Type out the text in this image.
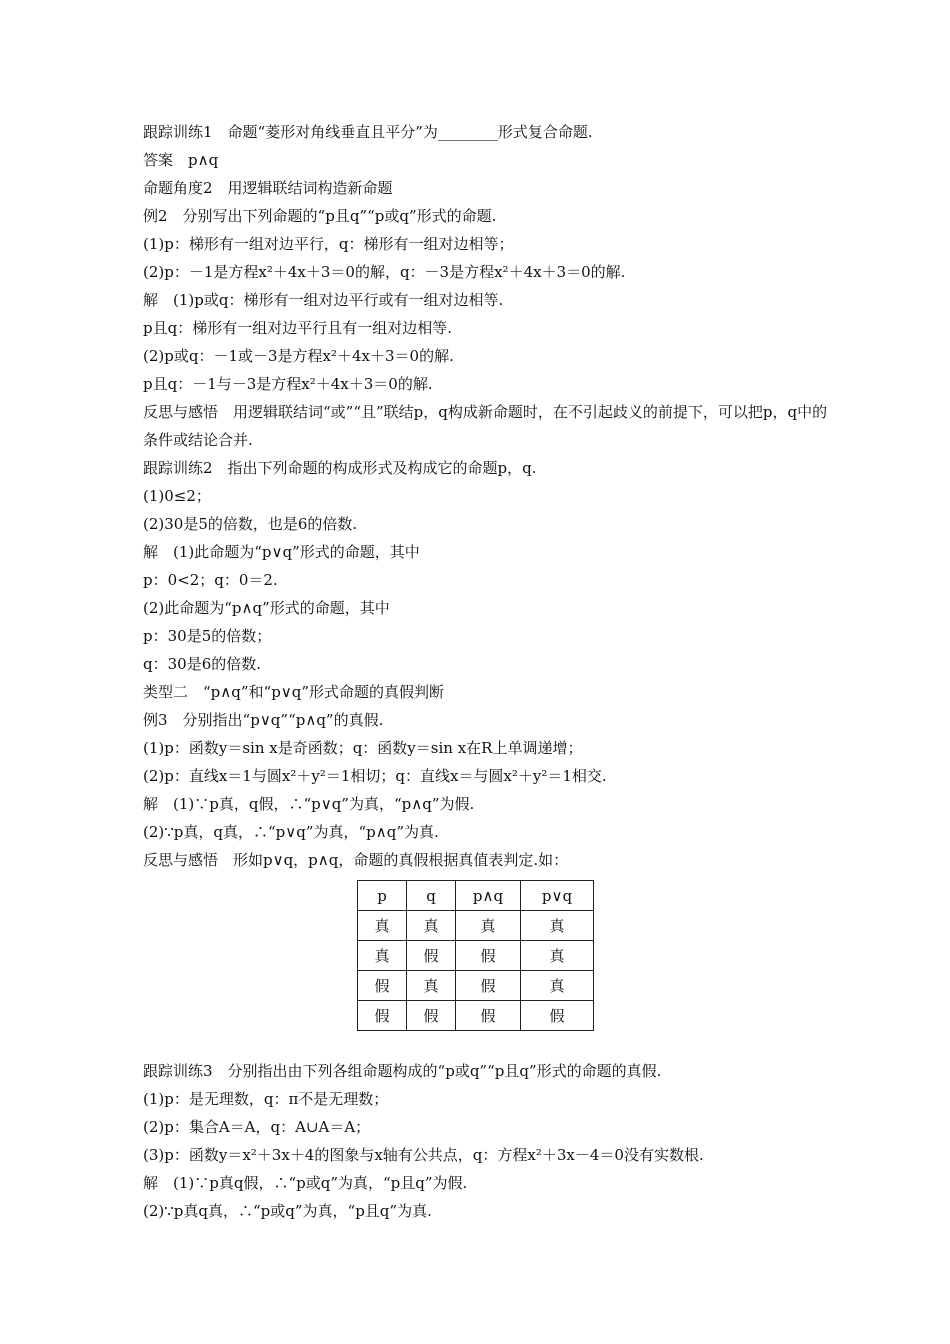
跟踪训练1　命题“菱形对角线垂直且平分”为________形式复合命题.
答案　p∧q
命题角度2　用逻辑联结词构造新命题
例2　分别写出下列命题的“p且q”“p或q”形式的命题.
(1)p：梯形有一组对边平行，q：梯形有一组对边相等；
(2)p：－1是方程x²＋4x＋3＝0的解，q：－3是方程x²＋4x＋3＝0的解.
解　(1)p或q：梯形有一组对边平行或有一组对边相等.
p且q：梯形有一组对边平行且有一组对边相等.
(2)p或q：－1或－3是方程x²＋4x＋3＝0的解.
p且q：－1与－3是方程x²＋4x＋3＝0的解.
反思与感悟　用逻辑联结词“或”“且”联结p，q构成新命题时，在不引起歧义的前提下，可以把p，q中的条件或结论合并.
跟踪训练2　指出下列命题的构成形式及构成它的命题p，q.
(1)0≤2；
(2)30是5的倍数，也是6的倍数.
解　(1)此命题为“p∨q”形式的命题，其中
p：0<2；q：0＝2.
(2)此命题为“p∧q”形式的命题，其中
p：30是5的倍数；
q：30是6的倍数.
类型二　“p∧q”和“p∨q”形式命题的真假判断
例3　分别指出“p∨q”“p∧q”的真假.
(1)p：函数y＝sin x是奇函数；q：函数y＝sin x在R上单调递增；
(2)p：直线x＝1与圆x²＋y²＝1相切；q：直线x＝与圆x²＋y²＝1相交.
解　(1)∵p真，q假，∴“p∨q”为真，“p∧q”为假.
(2)∵p真，q真，∴“p∨q”为真，“p∧q”为真.
反思与感悟　形如p∨q，p∧q，命题的真假根据真值表判定.如：
p	q	p∧q	p∨q
真	真	真	真
真	假	假	真
假	真	假	真
假	假	假	假
跟踪训练3　分别指出由下列各组命题构成的“p或q”“p且q”形式的命题的真假.
(1)p：是无理数，q：π不是无理数；
(2)p：集合A＝A，q：A∪A＝A；
(3)p：函数y＝x²＋3x＋4的图象与x轴有公共点，q：方程x²＋3x－4＝0没有实数根.
解　(1)∵p真q假，∴“p或q”为真，“p且q”为假.
(2)∵p真q真，∴“p或q”为真，“p且q”为真.
